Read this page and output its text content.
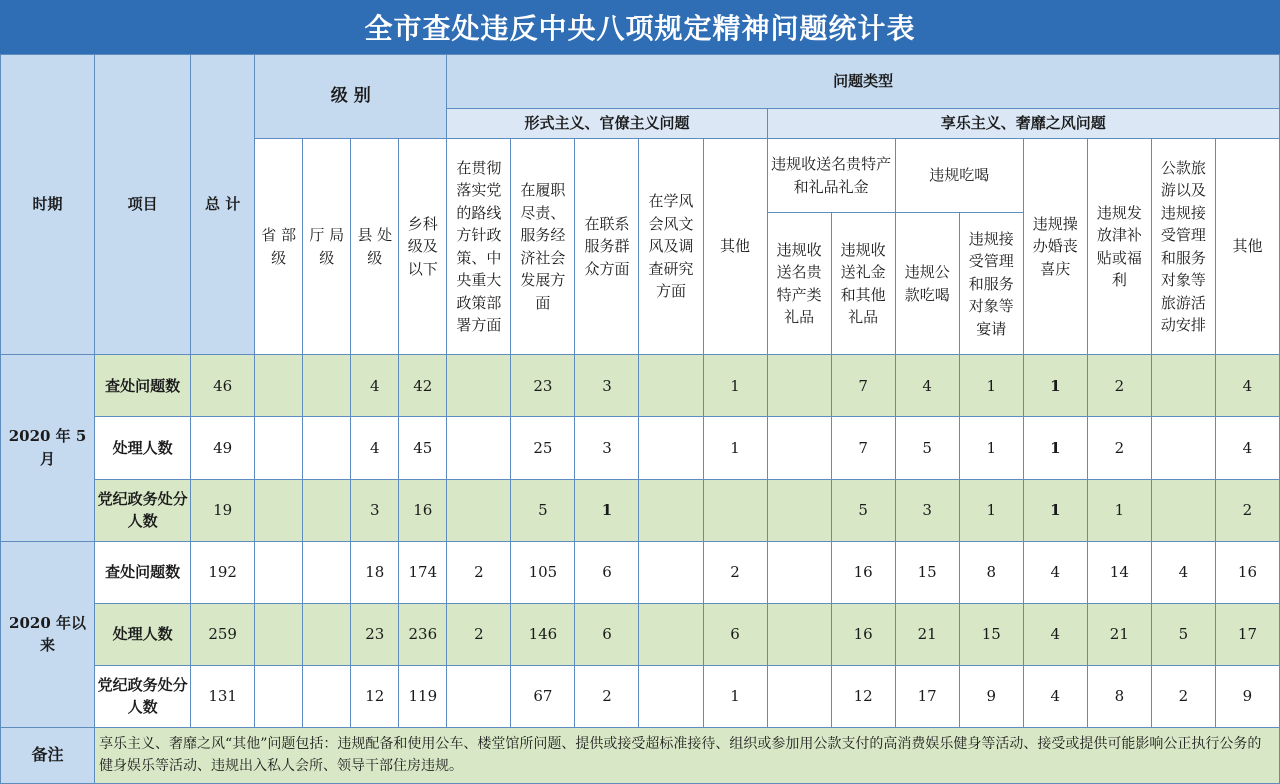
全市查处违反中央八项规定精神问题统计表
时期	项目	总 计	级 别				问题类型												
							形式主义、官僚主义问题					享乐主义、奢靡之风问题							
			省 部级	厅 局级	县 处级	乡科级及以下	在贯彻落实党的路线方针政策、中央重大政策部署方面	在履职尽责、服务经济社会发展方面	在联系服务群众方面	在学风会风文风及调查研究方面	其他	违规收送名贵特产和礼品礼金		违规吃喝		违规操办婚丧喜庆	违规发放津补贴或福利	公款旅游以及违规接受管理和服务对象等旅游活动安排	其他
												违规收送名贵特产类礼品	违规收送礼金和其他礼品	违规公款吃喝	违规接受管理和服务对象等宴请				
2020 年 5 月	查处问题数	46			4	42		23	3		1		7	4	1	1	2		4
	处理人数	49			4	45		25	3		1		7	5	1	1	2		4
	党纪政务处分人数	19			3	16		5	1				5	3	1	1	1		2
2020 年以来	查处问题数	192			18	174	2	105	6		2		16	15	8	4	14	4	16
	处理人数	259			23	236	2	146	6		6		16	21	15	4	21	5	17
	党纪政务处分人数	131			12	119		67	2		1		12	17	9	4	8	2	9
备注	享乐主义、奢靡之风“其他”问题包括：违规配备和使用公车、楼堂馆所问题、提供或接受超标准接待、组织或参加用公款支付的高消费娱乐健身等活动、接受或提供可能影响公正执行公务的健身娱乐等活动、违规出入私人会所、领导干部住房违规。																		
